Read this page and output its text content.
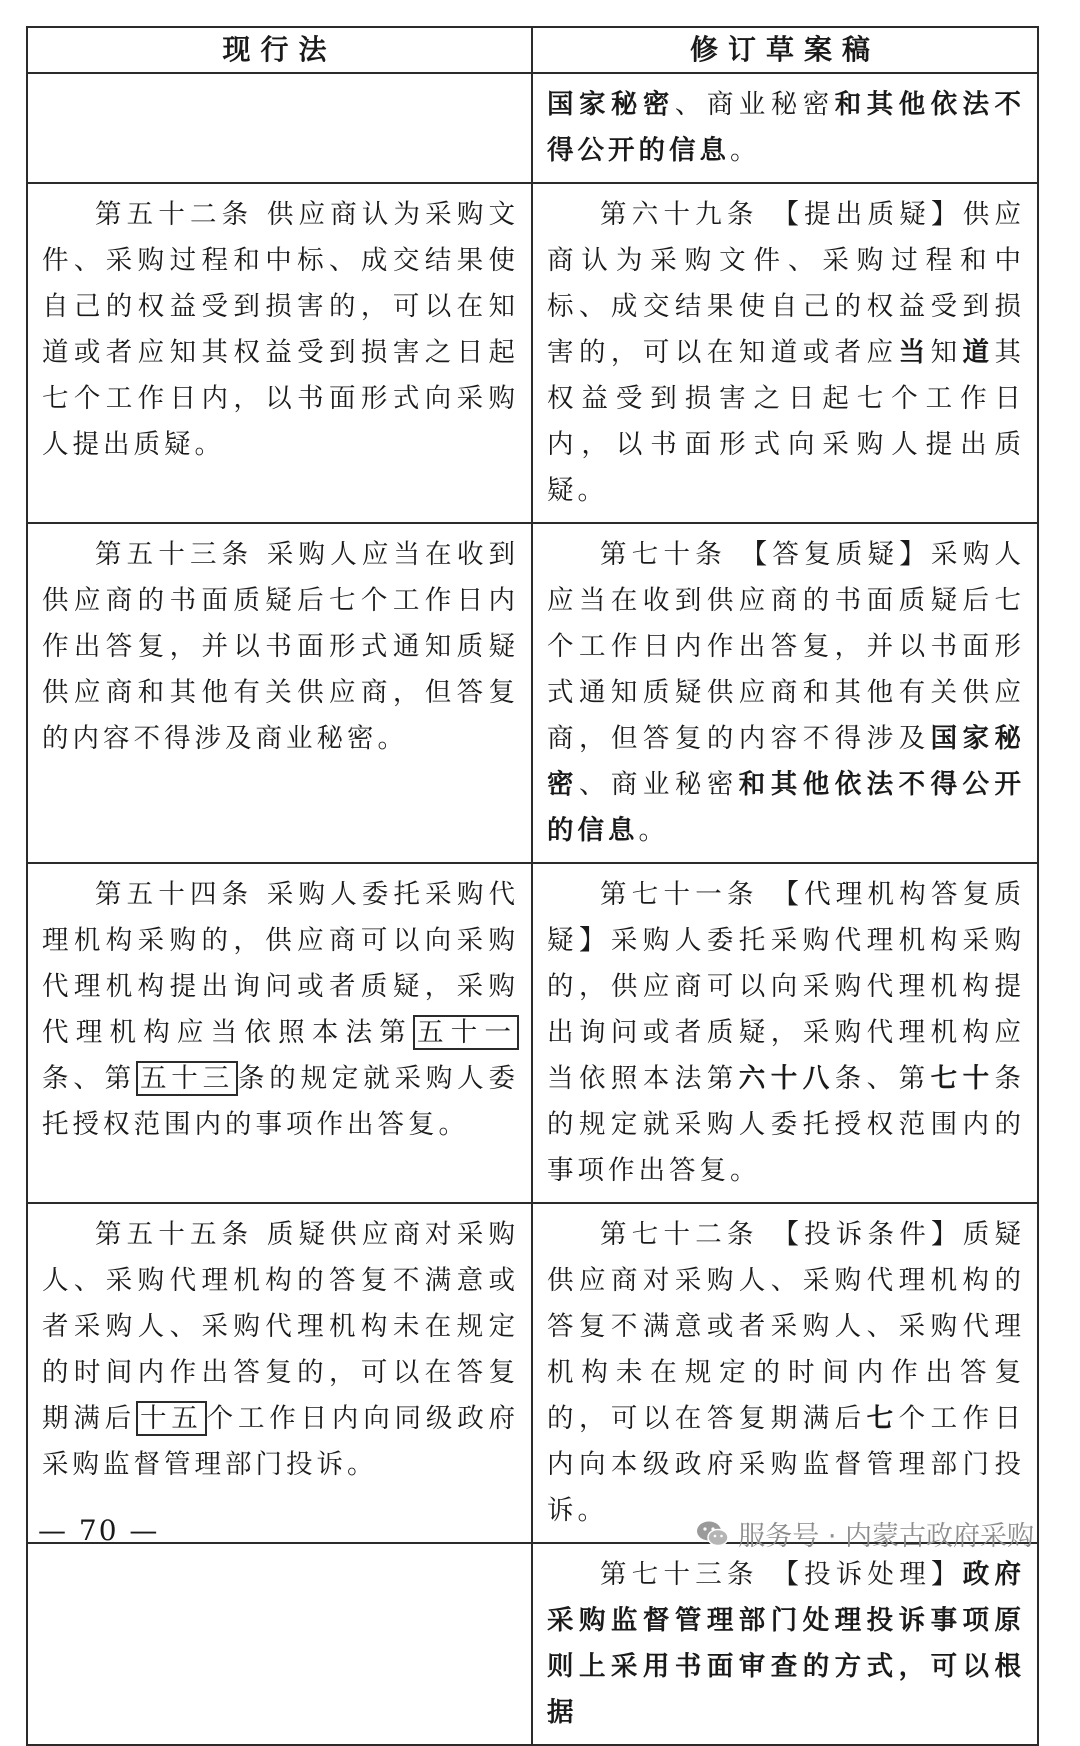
现行法	修订草案稿
	国家秘密、商业秘密和其他依法不得公开的信息。
第五十二条 供应商认为采购文件、采购过程和中标、成交结果使自己的权益受到损害的，可以在知道或者应知其权益受到损害之日起七个工作日内，以书面形式向采购人提出质疑。	第六十九条 【提出质疑】供应商认为采购文件、采购过程和中标、成交结果使自己的权益受到损害的，可以在知道或者应当知道其权益受到损害之日起七个工作日内，以书面形式向采购人提出质疑。
第五十三条 采购人应当在收到供应商的书面质疑后七个工作日内作出答复，并以书面形式通知质疑供应商和其他有关供应商，但答复的内容不得涉及商业秘密。	第七十条 【答复质疑】采购人应当在收到供应商的书面质疑后七个工作日内作出答复，并以书面形式通知质疑供应商和其他有关供应商，但答复的内容不得涉及国家秘密、商业秘密和其他依法不得公开的信息。
第五十四条 采购人委托采购代理机构采购的，供应商可以向采购代理机构提出询问或者质疑，采购代理机构应当依照本法第 五十一条、第 五十三 条的规定就采购人委托授权范围内的事项作出答复。	第七十一条 【代理机构答复质疑】采购人委托采购代理机构采购的，供应商可以向采购代理机构提出询问或者质疑，采购代理机构应当依照本法第六十八条、第七十条的规定就采购人委托授权范围内的事项作出答复。
第五十五条 质疑供应商对采购人、采购代理机构的答复不满意或者采购人、采购代理机构未在规定的时间内作出答复的，可以在答复期满后 十五 个工作日内向同级政府采购监督管理部门投诉。	第七十二条 【投诉条件】质疑供应商对采购人、采购代理机构的答复不满意或者采购人、采购代理机构未在规定的时间内作出答复的，可以在答复期满后七个工作日内向本级政府采购监督管理部门投诉。
	第七十三条 【投诉处理】政府采购监督管理部门处理投诉事项原则上采用书面审查的方式，可以根据
— 70 —	服务号 · 内蒙古政府采购
